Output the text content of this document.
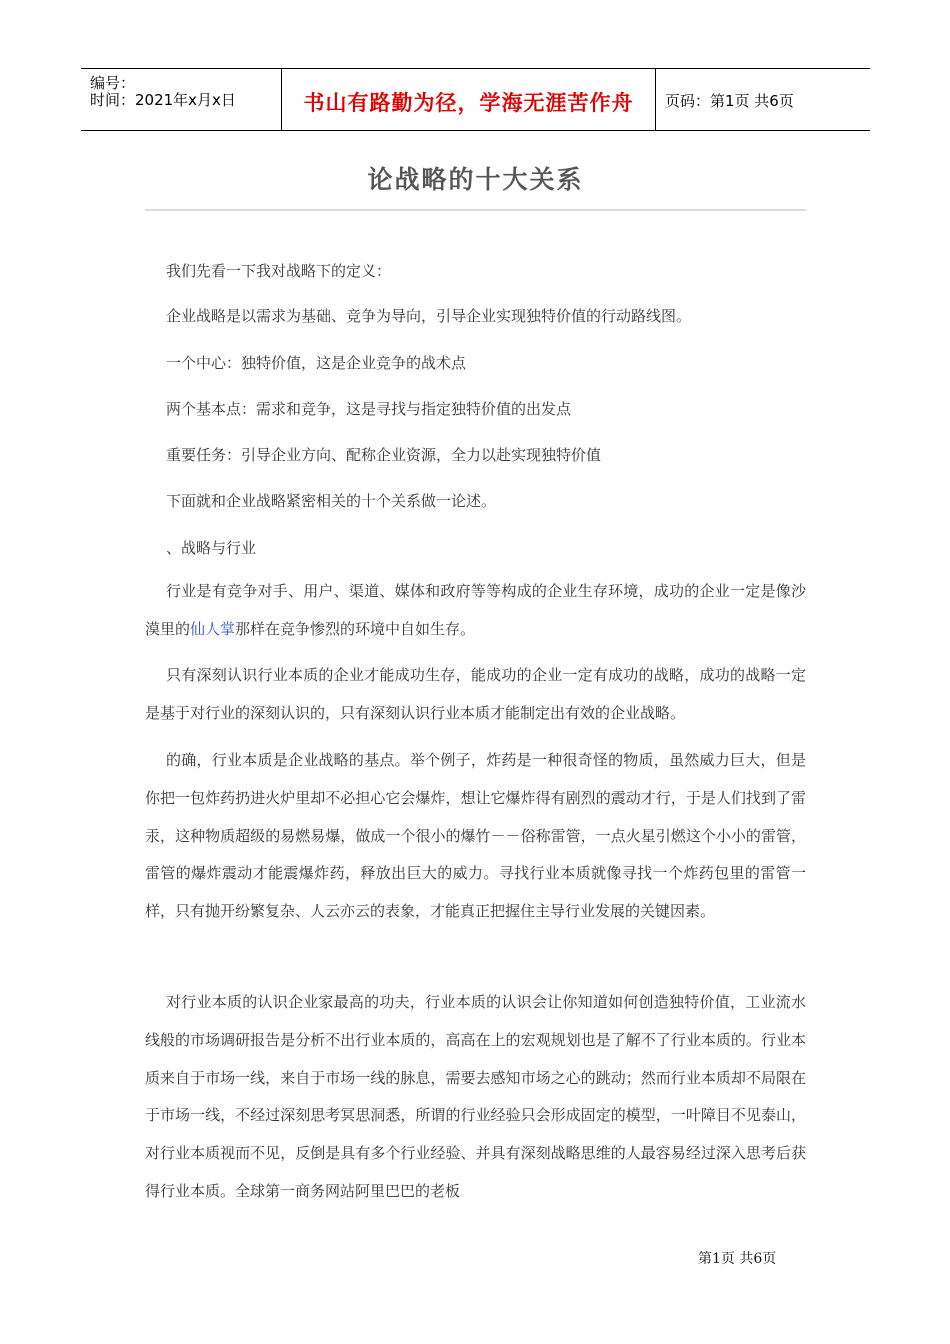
编号：
时间：2021年x月x日	书山有路勤为径，学海无涯苦作舟	页码：第1页 共6页
论战略的十大关系
我们先看一下我对战略下的定义：
企业战略是以需求为基础、竞争为导向，引导企业实现独特价值的行动路线图。
一个中心：独特价值，这是企业竞争的战术点
两个基本点：需求和竞争，这是寻找与指定独特价值的出发点
重要任务：引导企业方向、配称企业资源，全力以赴实现独特价值
下面就和企业战略紧密相关的十个关系做一论述。
、战略与行业
行业是有竞争对手、用户、渠道、媒体和政府等等构成的企业生存环境，成功的企业一定是像沙漠里的仙人掌那样在竞争惨烈的环境中自如生存。
只有深刻认识行业本质的企业才能成功生存，能成功的企业一定有成功的战略，成功的战略一定是基于对行业的深刻认识的，只有深刻认识行业本质才能制定出有效的企业战略。
的确，行业本质是企业战略的基点。举个例子，炸药是一种很奇怪的物质，虽然威力巨大，但是你把一包炸药扔进火炉里却不必担心它会爆炸，想让它爆炸得有剧烈的震动才行，于是人们找到了雷汞，这种物质超级的易燃易爆，做成一个很小的爆竹－－俗称雷管，一点火星引燃这个小小的雷管，雷管的爆炸震动才能震爆炸药，释放出巨大的威力。寻找行业本质就像寻找一个炸药包里的雷管一样，只有抛开纷繁复杂、人云亦云的表象，才能真正把握住主导行业发展的关键因素。
对行业本质的认识企业家最高的功夫，行业本质的认识会让你知道如何创造独特价值，工业流水线般的市场调研报告是分析不出行业本质的，高高在上的宏观规划也是了解不了行业本质的。行业本质来自于市场一线，来自于市场一线的脉息，需要去感知市场之心的跳动；然而行业本质却不局限在于市场一线，不经过深刻思考冥思洞悉，所谓的行业经验只会形成固定的模型，一叶障目不见泰山，对行业本质视而不见，反倒是具有多个行业经验、并具有深刻战略思维的人最容易经过深入思考后获得行业本质。全球第一商务网站阿里巴巴的老板
第1页 共6页
